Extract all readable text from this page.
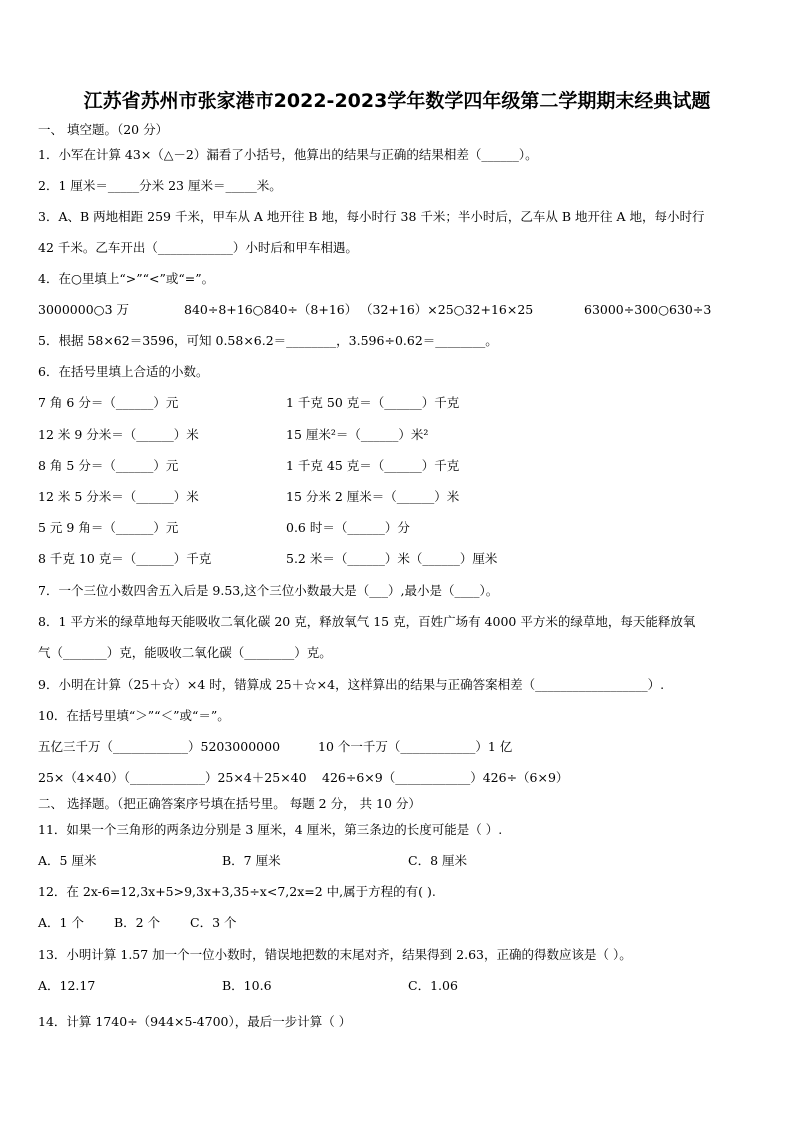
江苏省苏州市张家港市2022-2023学年数学四年级第二学期期末经典试题
一、 填空题。（20 分）
1．小军在计算 43×（△－2）漏看了小括号，他算出的结果与正确的结果相差（______）。
2．1 厘米＝_____分米 23 厘米＝_____米。
3．A、B 两地相距 259 千米，甲车从 A 地开往 B 地，每小时行 38 千米；半小时后，乙车从 B 地开往 A 地，每小时行
42 千米。乙车开出（____________）小时后和甲车相遇。
4．在○里填上“>”“<”或“=”。
3000000○3 万	840÷8+16○840÷（8+16） （32+16）×25○32+16×25	63000÷300○630÷3
5．根据 58×62＝3596，可知 0.58×6.2＝________，3.596÷0.62＝________。
6．在括号里填上合适的小数。
7 角 6 分＝（______）元	1 千克 50 克＝（______）千克
12 米 9 分米＝（______）米	15 厘米²＝（______）米²
8 角 5 分＝（______）元	1 千克 45 克＝（______）千克
12 米 5 分米＝（______）米	15 分米 2 厘米＝（______）米
5 元 9 角＝（______）元	0.6 时＝（______）分
8 千克 10 克＝（______）千克	5.2 米＝（______）米（______）厘米
7．一个三位小数四舍五入后是 9.53,这个三位小数最大是（___）,最小是（____）。
8．1 平方米的绿草地每天能吸收二氧化碳 20 克，释放氧气 15 克，百姓广场有 4000 平方米的绿草地，每天能释放氧
气（_______）克，能吸收二氧化碳（________）克。
9．小明在计算（25＋☆）×4 时，错算成 25＋☆×4，这样算出的结果与正确答案相差（__________________）.
10．在括号里填“＞”“＜”或“＝”。
五亿三千万（____________）5203000000	10 个一千万（____________）1 亿
25×（4×40）（____________）25×4＋25×40 426÷6×9（____________）426÷（6×9）
二、 选择题。（把正确答案序号填在括号里。 每题 2 分， 共 10 分）
11．如果一个三角形的两条边分别是 3 厘米，4 厘米，第三条边的长度可能是（ ）.
A．5 厘米	B．7 厘米	C．8 厘米
12．在 2x-6=12,3x+5>9,3x+3,35÷x<7,2x=2 中,属于方程的有( ).
A．1 个 B．2 个 C．3 个
13．小明计算 1.57 加一个一位小数时，错误地把数的末尾对齐，结果得到 2.63，正确的得数应该是（ ）。
A．12.17	B．10.6	C．1.06
14．计算 1740÷（944×5-4700），最后一步计算（ ）
